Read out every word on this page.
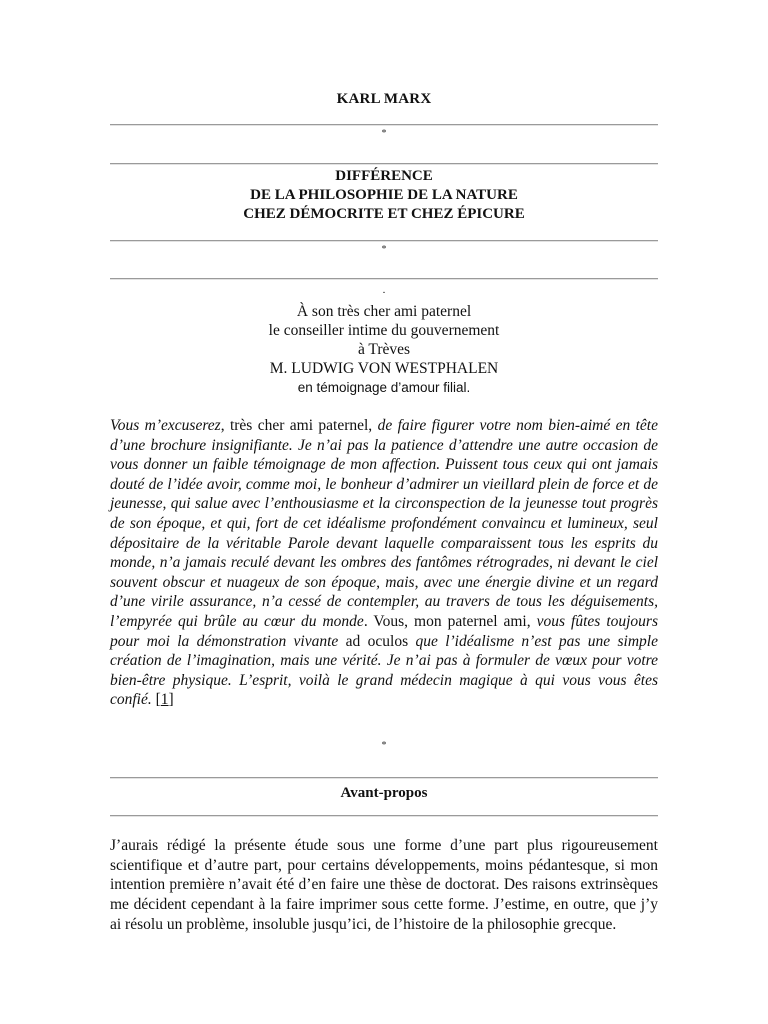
KARL MARX
*
DIFFÉRENCE
DE LA PHILOSOPHIE DE LA NATURE
CHEZ DÉMOCRITE ET CHEZ ÉPICURE
*
.
À son très cher ami paternel
le conseiller intime du gouvernement
à Trèves
M. LUDWIG VON WESTPHALEN
en témoignage d’amour filial.

Vous m’excuserez, très cher ami paternel, de faire figurer votre nom bien-aimé en tête d’une brochure insignifiante. Je n’ai pas la patience d’attendre une autre occasion de vous donner un faible témoignage de mon affection. Puissent tous ceux qui ont jamais douté de l’idée avoir, comme moi, le bonheur d’admirer un vieillard plein de force et de jeunesse, qui salue avec l’enthousiasme et la circonspection de la jeunesse tout progrès de son époque, et qui, fort de cet idéalisme profondément convaincu et lumineux, seul dépositaire de la véritable Parole devant laquelle comparaissent tous les esprits du monde, n’a jamais reculé devant les ombres des fantômes rétrogrades, ni devant le ciel souvent obscur et nuageux de son époque, mais, avec une énergie divine et un regard d’une virile assurance, n’a cessé de contempler, au travers de tous les déguisements, l’empyrée qui brûle au cœur du monde. Vous, mon paternel ami, vous fûtes toujours pour moi la démonstration vivante ad oculos que l’idéalisme n’est pas une simple création de l’imagination, mais une vérité. Je n’ai pas à formuler de vœux pour votre bien-être physique. L’esprit, voilà le grand médecin magique à qui vous vous êtes confié. [1]

*
Avant-propos

J’aurais rédigé la présente étude sous une forme d’une part plus rigoureusement scientifique et d’autre part, pour certains développements, moins pédantesque, si mon intention première n’avait été d’en faire une thèse de doctorat. Des raisons extrinsèques me décident cependant à la faire imprimer sous cette forme. J’estime, en outre, que j’y ai résolu un problème, insoluble jusqu’ici, de l’histoire de la philosophie grecque.
